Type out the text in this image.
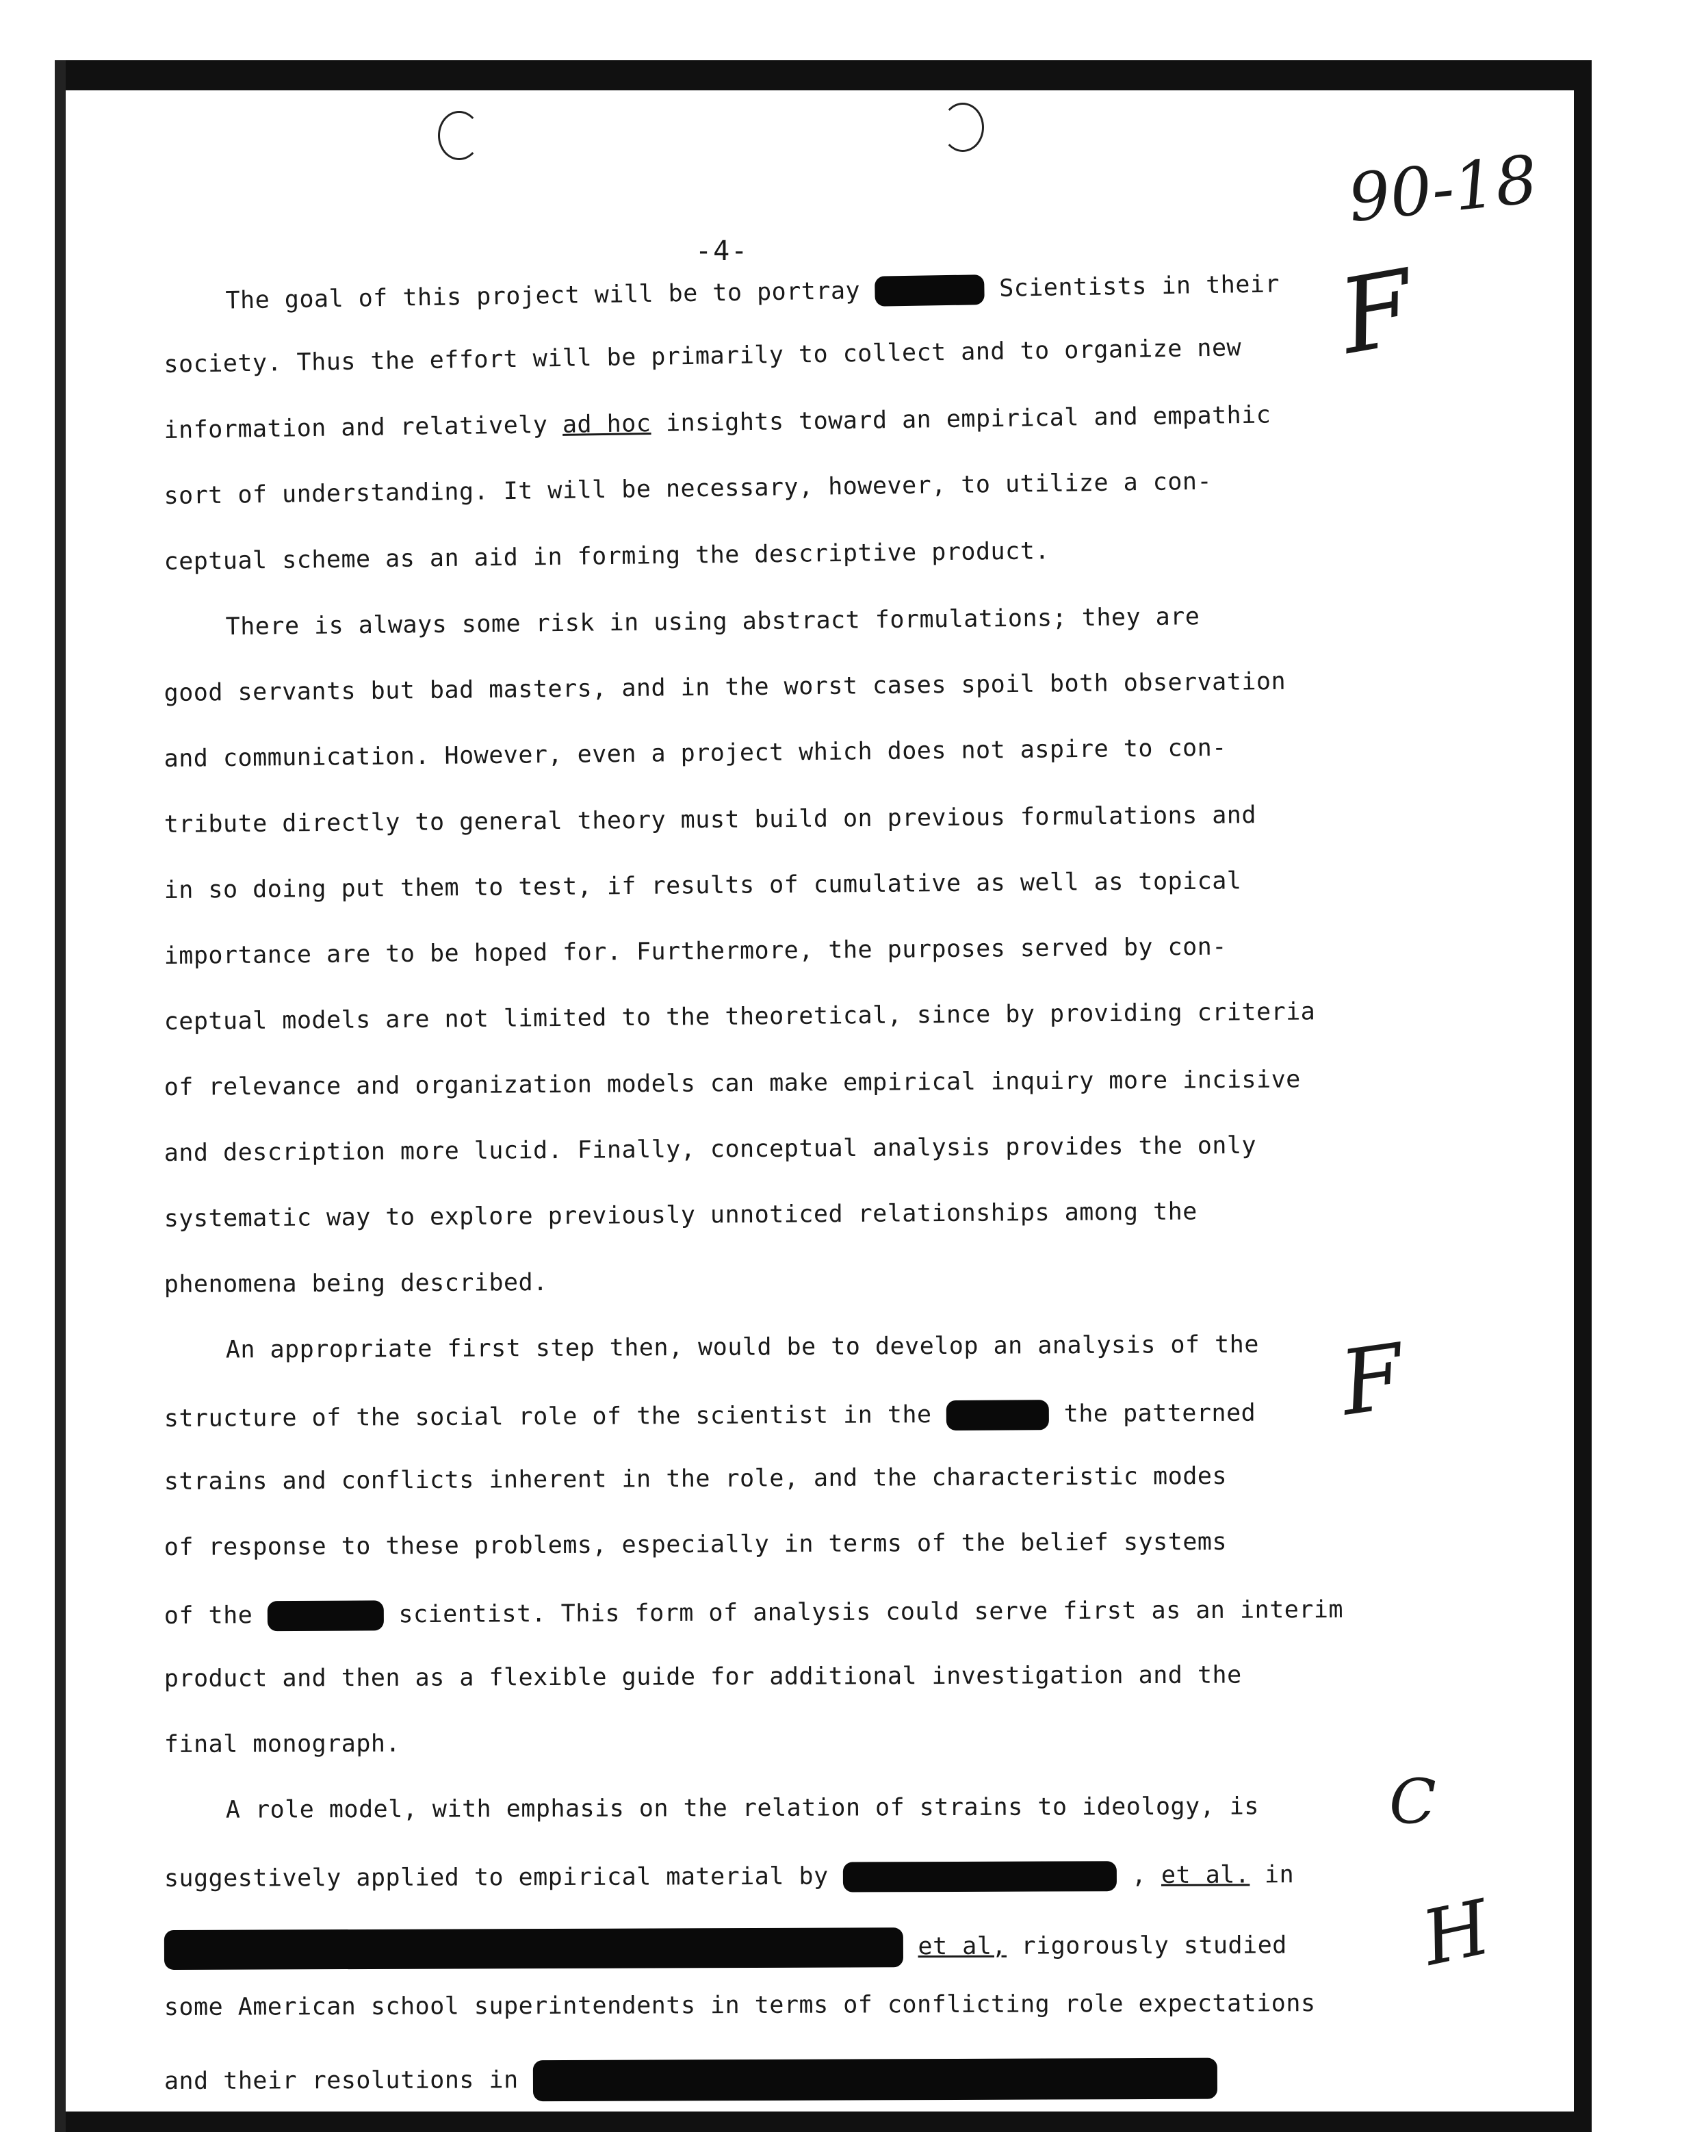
-4-
90-18
F
F
C
H
The goal of this project will be to portray	Scientists in their
society. Thus the effort will be primarily to collect and to organize new
information and relatively ad hoc insights toward an empirical and empathic
sort of understanding. It will be necessary, however, to utilize a con-
ceptual scheme as an aid in forming the descriptive product.
There is always some risk in using abstract formulations; they are
good servants but bad masters, and in the worst cases spoil both observation
and communication. However, even a project which does not aspire to con-
tribute directly to general theory must build on previous formulations and
in so doing put them to test, if results of cumulative as well as topical
importance are to be hoped for. Furthermore, the purposes served by con-
ceptual models are not limited to the theoretical, since by providing criteria
of relevance and organization models can make empirical inquiry more incisive
and description more lucid. Finally, conceptual analysis provides the only
systematic way to explore previously unnoticed relationships among the
phenomena being described.
An appropriate first step then, would be to develop an analysis of the
structure of the social role of the scientist in the	the patterned
strains and conflicts inherent in the role, and the characteristic modes
of response to these problems, especially in terms of the belief systems
of the	scientist. This form of analysis could serve first as an interim
product and then as a flexible guide for additional investigation and the
final monograph.
A role model, with emphasis on the relation of strains to ideology, is
suggestively applied to empirical material by	, et al. in
et al, rigorously studied
some American school superintendents in terms of conflicting role expectations
and their resolutions in
